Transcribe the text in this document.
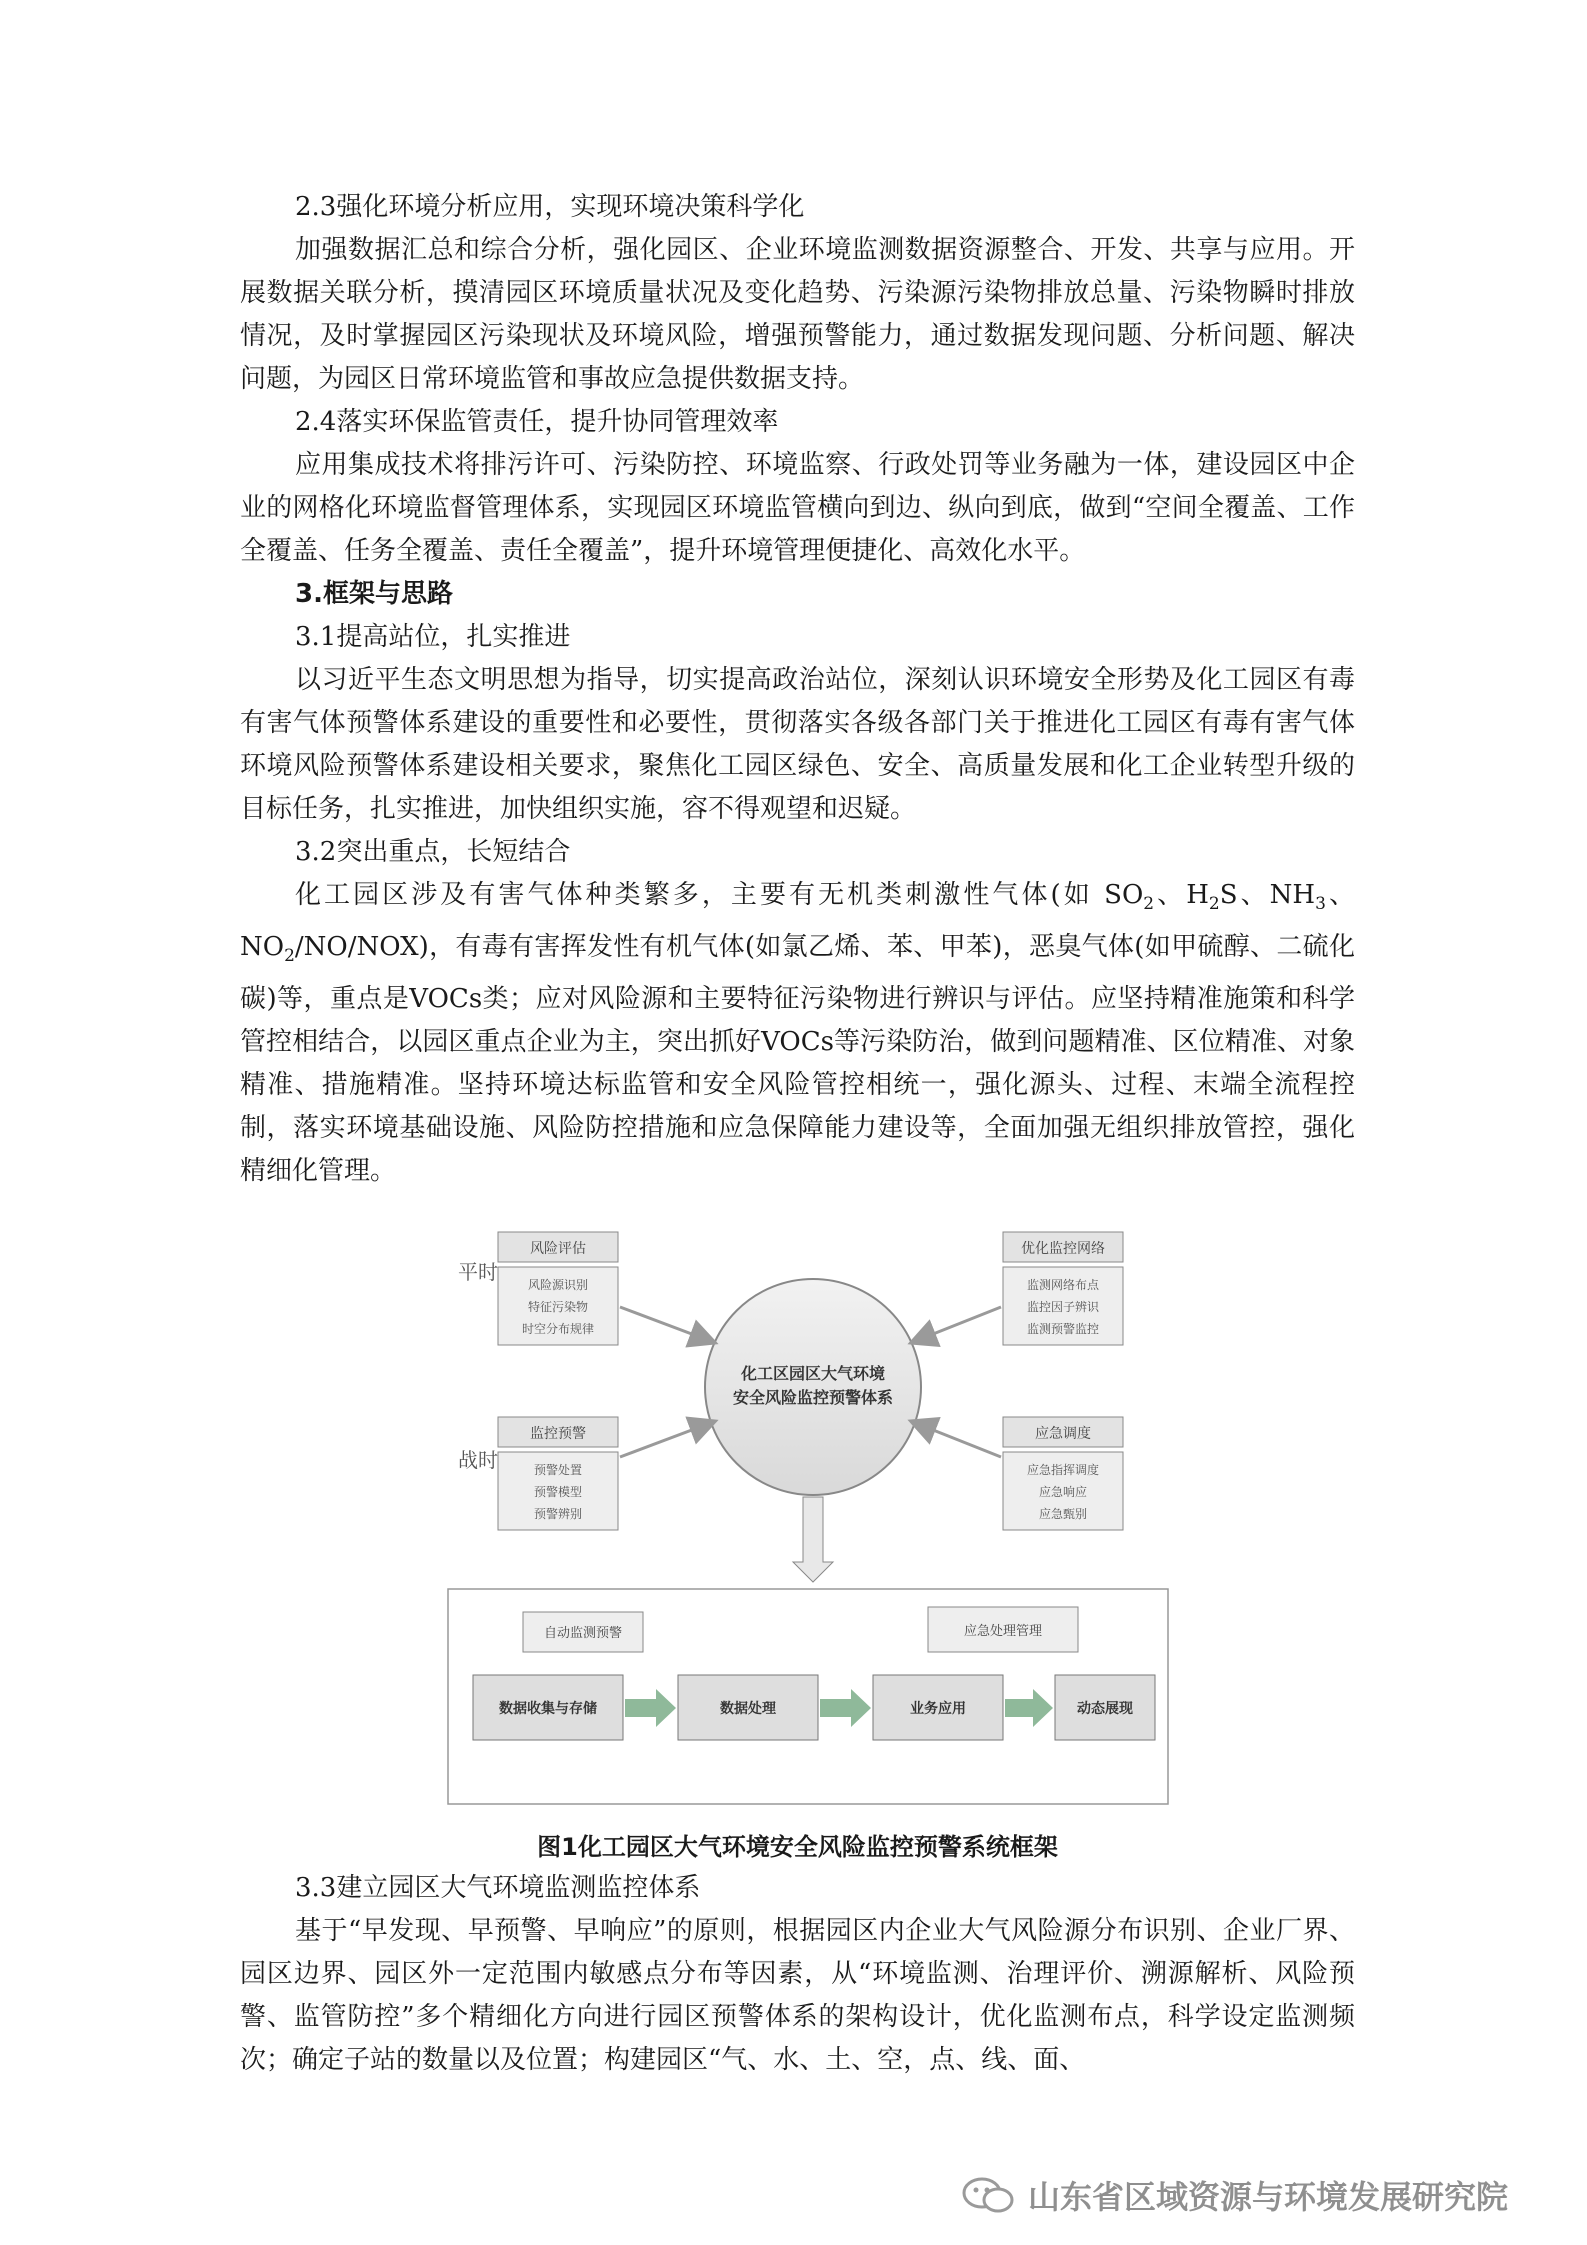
2.3强化环境分析应用，实现环境决策科学化

加强数据汇总和综合分析，强化园区、企业环境监测数据资源整合、开发、共享与应用。开展数据关联分析，摸清园区环境质量状况及变化趋势、污染源污染物排放总量、污染物瞬时排放情况，及时掌握园区污染现状及环境风险，增强预警能力，通过数据发现问题、分析问题、解决问题，为园区日常环境监管和事故应急提供数据支持。

2.4落实环保监管责任，提升协同管理效率

应用集成技术将排污许可、污染防控、环境监察、行政处罚等业务融为一体，建设园区中企业的网格化环境监督管理体系，实现园区环境监管横向到边、纵向到底，做到“空间全覆盖、工作全覆盖、任务全覆盖、责任全覆盖”，提升环境管理便捷化、高效化水平。

3.框架与思路

3.1提高站位，扎实推进

以习近平生态文明思想为指导，切实提高政治站位，深刻认识环境安全形势及化工园区有毒有害气体预警体系建设的重要性和必要性，贯彻落实各级各部门关于推进化工园区有毒有害气体环境风险预警体系建设相关要求，聚焦化工园区绿色、安全、高质量发展和化工企业转型升级的目标任务，扎实推进，加快组织实施，容不得观望和迟疑。

3.2突出重点，长短结合

化工园区涉及有害气体种类繁多，主要有无机类刺激性气体(如 $SO_2$、$H_2S$、$NH_3$、$NO_2/NO/NOX$)，有毒有害挥发性有机气体(如氯乙烯、苯、甲苯)，恶臭气体(如甲硫醇、二硫化碳)等，重点是VOCs类；应对风险源和主要特征污染物进行辨识与评估。应坚持精准施策和科学管控相结合，以园区重点企业为主，突出抓好VOCs等污染防治，做到问题精准、区位精准、对象精准、措施精准。坚持环境达标监管和安全风险管控相统一，强化源头、过程、末端全流程控制，落实环境基础设施、风险防控措施和应急保障能力建设等，全面加强无组织排放管控，强化精细化管理。

平时
战时
风险评估
风险源识别
特征污染物
时空分布规律
优化监控网络
监测网络布点
监控因子辨识
监测预警监控
化工区园区大气环境
安全风险监控预警体系
监控预警
预警处置
预警模型
预警辨别
应急调度
应急指挥调度
应急响应
应急甄别
自动监测预警	应急处理管理
数据收集与存储	数据处理	业务应用	动态展现
图1化工园区大气环境安全风险监控预警系统框架

3.3建立园区大气环境监测监控体系

基于“早发现、早预警、早响应”的原则，根据园区内企业大气风险源分布识别、企业厂界、园区边界、园区外一定范围内敏感点分布等因素，从“环境监测、治理评价、溯源解析、风险预警、监管防控”多个精细化方向进行园区预警体系的架构设计，优化监测布点，科学设定监测频次；确定子站的数量以及位置；构建园区“气、水、土、空，点、线、面、

山东省区域资源与环境发展研究院
